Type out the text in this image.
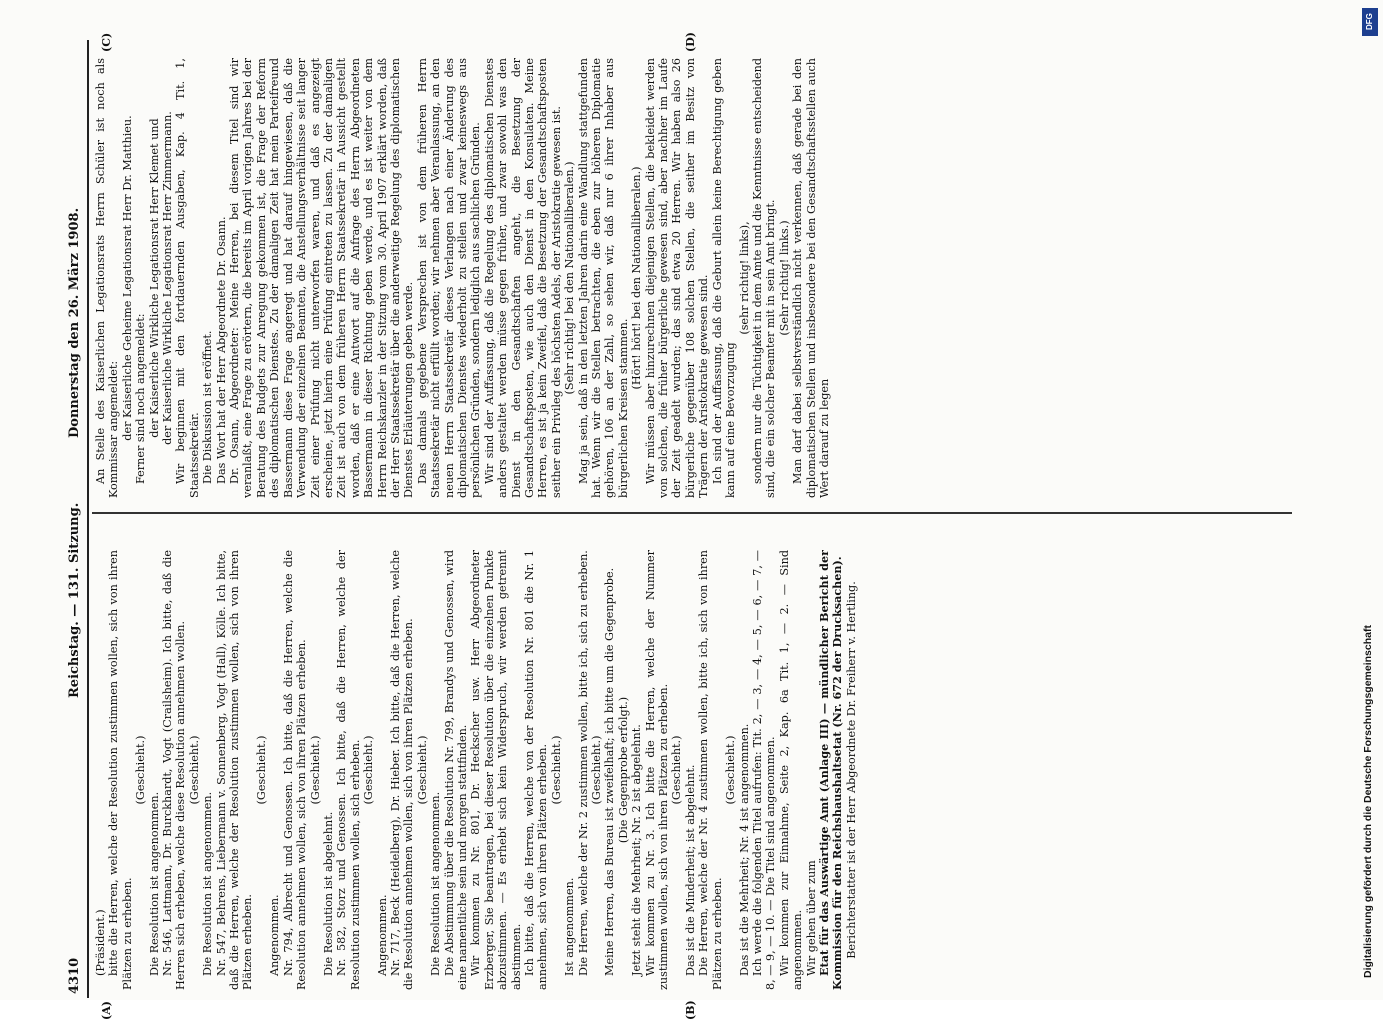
4310
Reichstag. — 131. Sitzung.
Donnerstag den 26. März 1908.

(Präsident.) bitte die Herren, welche der Resolution zustimmen wollen, sich von ihren Plätzen zu erheben.

(Geschieht.)

Die Resolution ist angenommen. Nr. 546, Lattmann, Dr. Burckhardt, Vogt (Crailsheim). Ich bitte, daß die Herren sich erheben, welche diese Resolution annehmen wollen. (Geschieht.)

Die Resolution ist angenommen. Nr. 547, Behrens, Liebermann v. Sonnenberg, Vogt (Hall), Kölle. Ich bitte, daß die Herren, welche der Resolution zustimmen wollen, sich von ihren Plätzen erheben.

(Geschieht.)

Angenommen. Nr. 794, Albrecht und Genossen. Ich bitte, daß die Herren, welche die Resolution annehmen wollen, sich von ihren Plätzen erheben. (Geschieht.)

Die Resolution ist abgelehnt. Nr. 582, Storz und Genossen. Ich bitte, daß die Herren, welche der Resolution zustimmen wollen, sich erheben. (Geschieht.)

Angenommen. Nr. 717, Beck (Heidelberg), Dr. Hieber. Ich bitte, daß die Herren, welche die Resolution annehmen wollen, sich von ihren Plätzen erheben. (Geschieht.)

Die Resolution ist angenommen. Die Abstimmung über die Resolution Nr. 799, Brandys und Genossen, wird eine namentliche sein und morgen stattfinden. Wir kommen zu Nr. 801, Dr. Heckscher usw. Herr Abgeordneter Erzberger, Sie beantragen, bei dieser Resolution über die einzelnen Punkte abzustimmen. — Es erhebt sich kein Widerspruch, wir werden getrennt abstimmen. Ich bitte, daß die Herren, welche von der Resolution Nr. 801 die Nr. 1 annehmen, sich von ihren Plätzen erheben. (Geschieht.)

Ist angenommen. Die Herren, welche der Nr. 2 zustimmen wollen, bitte ich, sich zu erheben. (Geschieht.) Meine Herren, das Bureau ist zweifelhaft; ich bitte um die Gegenprobe. (Die Gegenprobe erfolgt.) Jetzt steht die Mehrheit; Nr. 2 ist abgelehnt. Wir kommen zu Nr. 3. Ich bitte die Herren, welche der Nummer zustimmen wollen, sich von ihren Plätzen zu erheben. (Geschieht.) Das ist die Minderheit; ist abgelehnt. Die Herren, welche der Nr. 4 zustimmen wollen, bitte ich, sich von ihren Plätzen zu erheben.

(Geschieht.) Das ist die Mehrheit; Nr. 4 ist angenommen. Ich werde die folgenden Titel aufrufen: Tit. 2, — 3, — 4, — 5, — 6, — 7, — 8, — 9, — 10. — Die Titel sind angenommen. Wir kommen zur Einnahme, Seite 2, Kap. 6a Tit. 1, — 2. — Sind angenommen. Wir gehen über zum Etat für das Auswärtige Amt (Anlage III) — mündlicher Bericht der Kommission für den Reichshaushaltsetat (Nr. 672 der Drucksachen). Berichterstatter ist der Herr Abgeordnete Dr. Freiherr v. Hertling.

An Stelle des Kaiserlichen Legationsrats Herrn Schüler ist noch als Kommissar angemeldet: der Kaiserliche Geheime Legationsrat Herr Dr. Matthieu. Ferner sind noch angemeldet: der Kaiserliche Wirkliche Legationsrat Herr Klemet und der Kaiserliche Wirkliche Legationsrat Herr Zimmermann. Wir beginnen mit den fortdauernden Ausgaben, Kap. 4 Tit. 1, Staatssekretär. Die Diskussion ist eröffnet. Das Wort hat der Herr Abgeordnete Dr. Osann. Dr. Osann, Abgeordneter: Meine Herren, bei diesem Titel sind wir veranlaßt, eine Frage zu erörtern, die bereits im April vorigen Jahres bei der Beratung des Budgets zur Anregung gekommen ist, die Frage der Reform des diplomatischen Dienstes. Zu der damaligen Zeit hat mein Parteifreund Bassermann diese Frage angeregt und hat darauf hingewiesen, daß die Verwendung der einzelnen Beamten, die Anstellungsverhältnisse seit langer Zeit einer Prüfung nicht unterworfen waren, und daß es angezeigt erscheine, jetzt hierin eine Prüfung eintreten zu lassen. Zu der damaligen Zeit ist auch von dem früheren Herrn Staatssekretär in Aussicht gestellt worden, daß er eine Antwort auf die Anfrage des Herrn Abgeordneten Bassermann in dieser Richtung geben werde, und es ist weiter von dem Herrn Reichskanzler in der Sitzung vom 30. April 1907 erklärt worden, daß der Herr Staatssekretär über die anderweitige Regelung des diplomatischen Dienstes Erläuterungen geben werde. Das damals gegebene Versprechen ist von dem früheren Herrn Staatssekretär nicht erfüllt worden; wir nehmen aber Veranlassung, an den neuen Herrn Staatssekretär dieses Verlangen nach einer Änderung des diplomatischen Dienstes wiederholt zu stellen und zwar keineswegs aus persönlichen Gründen, sondern lediglich aus sachlichen Gründen. Wir sind der Auffassung, daß die Regelung des diplomatischen Dienstes anders gestaltet werden müsse gegen früher, und zwar sowohl was den Dienst in den Gesandtschaften angeht, die Besetzung der Gesandtschaftsposten, wie auch den Dienst in den Konsulaten. Meine Herren, es ist ja kein Zweifel, daß die Besetzung der Gesandtschaftsposten seither ein Privileg des höchsten Adels, der Aristokratie gewesen ist. (Sehr richtig! bei den Nationalliberalen.) Mag ja sein, daß in den letzten Jahren darin eine Wandlung stattgefunden hat. Wenn wir die Stellen betrachten, die eben zur höheren Diplomatie gehören, 106 an der Zahl, so sehen wir, daß nur 6 ihrer Inhaber aus bürgerlichen Kreisen stammen.

(Hört! hört! bei den Nationalliberalen.) Wir müssen aber hinzurechnen diejenigen Stellen, die bekleidet werden von solchen, die früher bürgerliche gewesen sind, aber nachher im Laufe der Zeit geadelt wurden; das sind etwa 20 Herren. Wir haben also 26 bürgerliche gegenüber 108 solchen Stellen, die seither im Besitz von Trägern der Aristokratie gewesen sind. Ich sind der Auffassung, daß die Geburt allein keine Berechtigung geben kann auf eine Bevorzugung

(sehr richtig! links), sondern nur die Tüchtigkeit in dem Amte und die Kenntnisse entscheidend sind, die ein solcher Beamter mit in sein Amt bringt. (Sehr richtig! links.) Man darf dabei selbstverständlich nicht verkennen, daß gerade bei den diplomatischen Stellen und insbesondere bei den Gesandtschaftsstellen auch Wert darauf zu legen

(A)	(B)
(C)	(D)
Digitalisierung gefördert durch die Deutsche Forschungsgemeinschaft
DFG
